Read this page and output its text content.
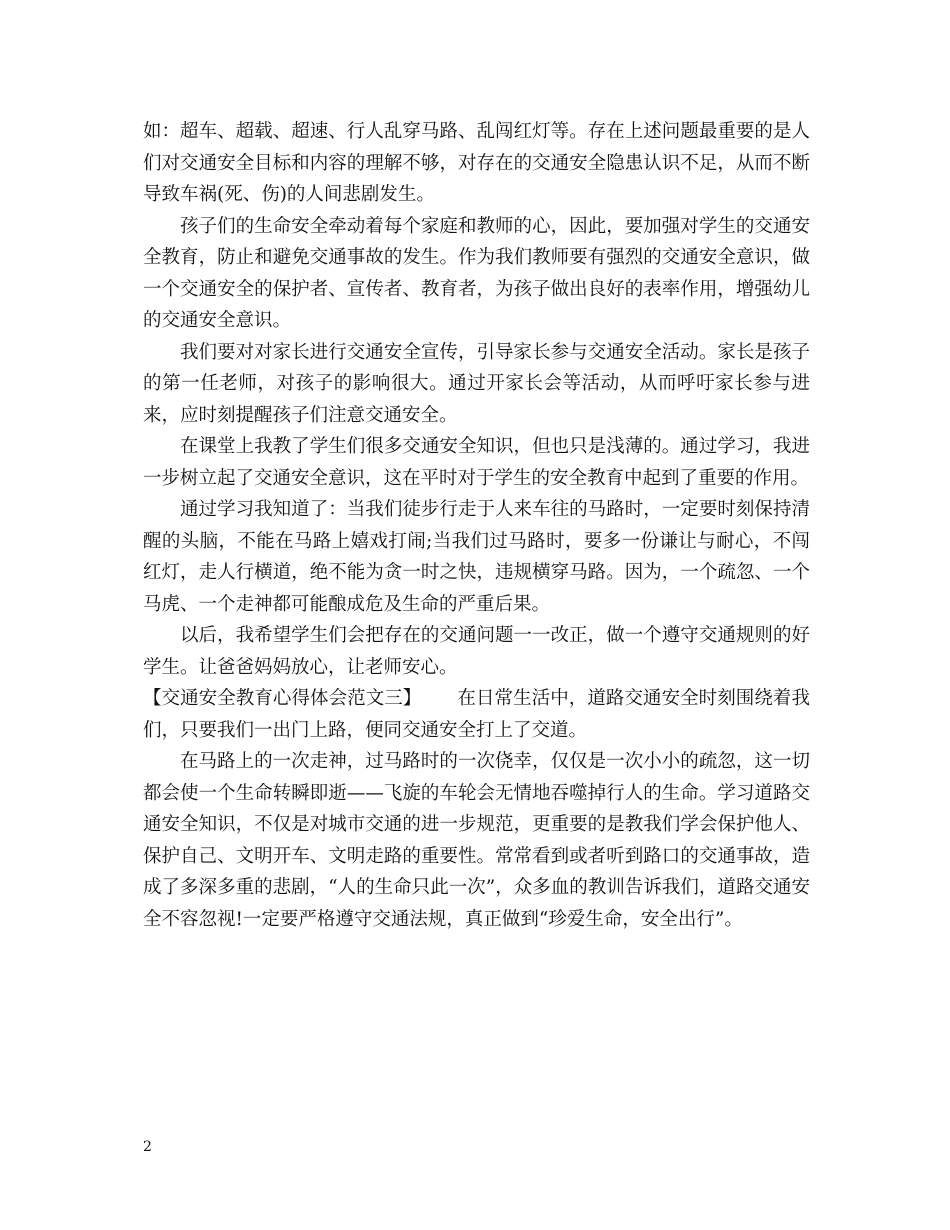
如：超车、超载、超速、行人乱穿马路、乱闯红灯等。存在上述问题最重要的是人们对交通安全目标和内容的理解不够，对存在的交通安全隐患认识不足，从而不断导致车祸(死、伤)的人间悲剧发生。

孩子们的生命安全牵动着每个家庭和教师的心，因此，要加强对学生的交通安全教育，防止和避免交通事故的发生。作为我们教师要有强烈的交通安全意识，做一个交通安全的保护者、宣传者、教育者，为孩子做出良好的表率作用，增强幼儿的交通安全意识。

我们要对对家长进行交通安全宣传，引导家长参与交通安全活动。家长是孩子的第一任老师，对孩子的影响很大。通过开家长会等活动，从而呼吁家长参与进来，应时刻提醒孩子们注意交通安全。

在课堂上我教了学生们很多交通安全知识，但也只是浅薄的。通过学习，我进一步树立起了交通安全意识，这在平时对于学生的安全教育中起到了重要的作用。

通过学习我知道了：当我们徒步行走于人来车往的马路时，一定要时刻保持清醒的头脑，不能在马路上嬉戏打闹;当我们过马路时，要多一份谦让与耐心，不闯红灯，走人行横道，绝不能为贪一时之快，违规横穿马路。因为，一个疏忽、一个马虎、一个走神都可能酿成危及生命的严重后果。

以后，我希望学生们会把存在的交通问题一一改正，做一个遵守交通规则的好学生。让爸爸妈妈放心，让老师安心。

【交通安全教育心得体会范文三】 在日常生活中，道路交通安全时刻围绕着我们，只要我们一出门上路，便同交通安全打上了交道。

在马路上的一次走神，过马路时的一次侥幸，仅仅是一次小小的疏忽，这一切都会使一个生命转瞬即逝——飞旋的车轮会无情地吞噬掉行人的生命。学习道路交通安全知识，不仅是对城市交通的进一步规范，更重要的是教我们学会保护他人、保护自己、文明开车、文明走路的重要性。常常看到或者听到路口的交通事故，造成了多深多重的悲剧，“人的生命只此一次”，众多血的教训告诉我们，道路交通安全不容忽视!一定要严格遵守交通法规，真正做到“珍爱生命，安全出行”。

2
